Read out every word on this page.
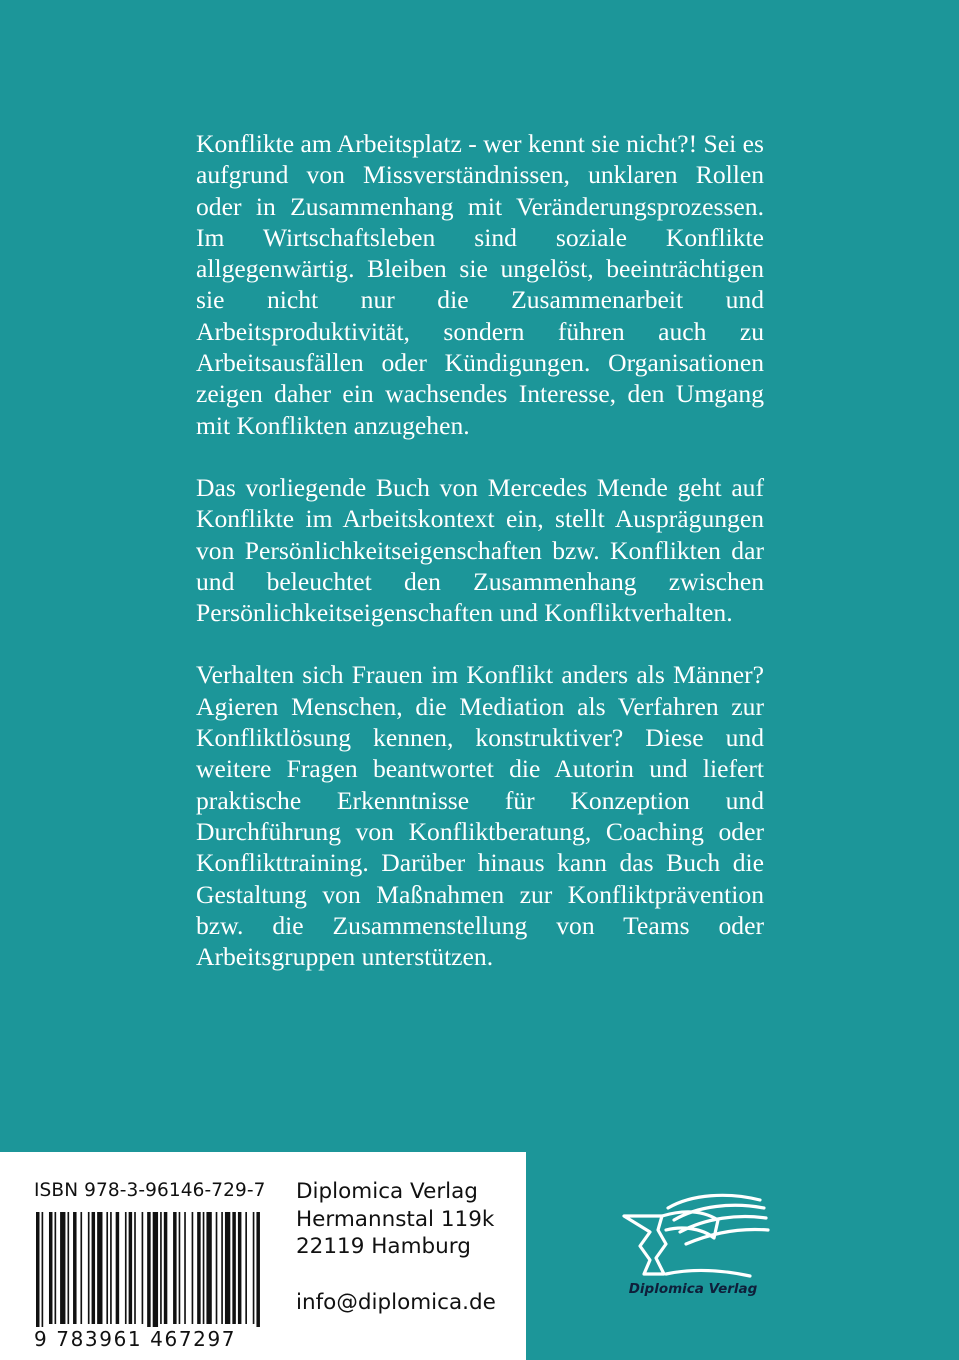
Konflikte am Arbeitsplatz - wer kennt sie nicht?! Sei es aufgrund von Missverständnissen, unklaren Rollen oder in Zusammenhang mit Veränderungsprozessen. Im Wirtschaftsleben sind soziale Konflikte allgegenwärtig. Bleiben sie ungelöst, beeinträchtigen sie nicht nur die Zusammenarbeit und Arbeitsproduktivität, sondern führen auch zu Arbeitsausfällen oder Kündigungen. Organisationen zeigen daher ein wachsendes Interesse, den Umgang mit Konflikten anzugehen.

Das vorliegende Buch von Mercedes Mende geht auf Konflikte im Arbeitskontext ein, stellt Ausprägungen von Persönlichkeitseigenschaften bzw. Konflikten dar und beleuchtet den Zusammenhang zwischen Persönlichkeitseigenschaften und Konfliktverhalten.

Verhalten sich Frauen im Konflikt anders als Männer? Agieren Menschen, die Mediation als Verfahren zur Konfliktlösung kennen, konstruktiver? Diese und weitere Fragen beantwortet die Autorin und liefert praktische Erkenntnisse für Konzeption und Durchführung von Konfliktberatung, Coaching oder Konflikttraining. Darüber hinaus kann das Buch die Gestaltung von Maßnahmen zur Konfliktprävention bzw. die Zusammenstellung von Teams oder Arbeitsgruppen unterstützen.

ISBN 978-3-96146-729-7
9 783961 467297
Diplomica Verlag
Hermannstal 119k
22119 Hamburg
info@diplomica.de
Diplomica Verlag
